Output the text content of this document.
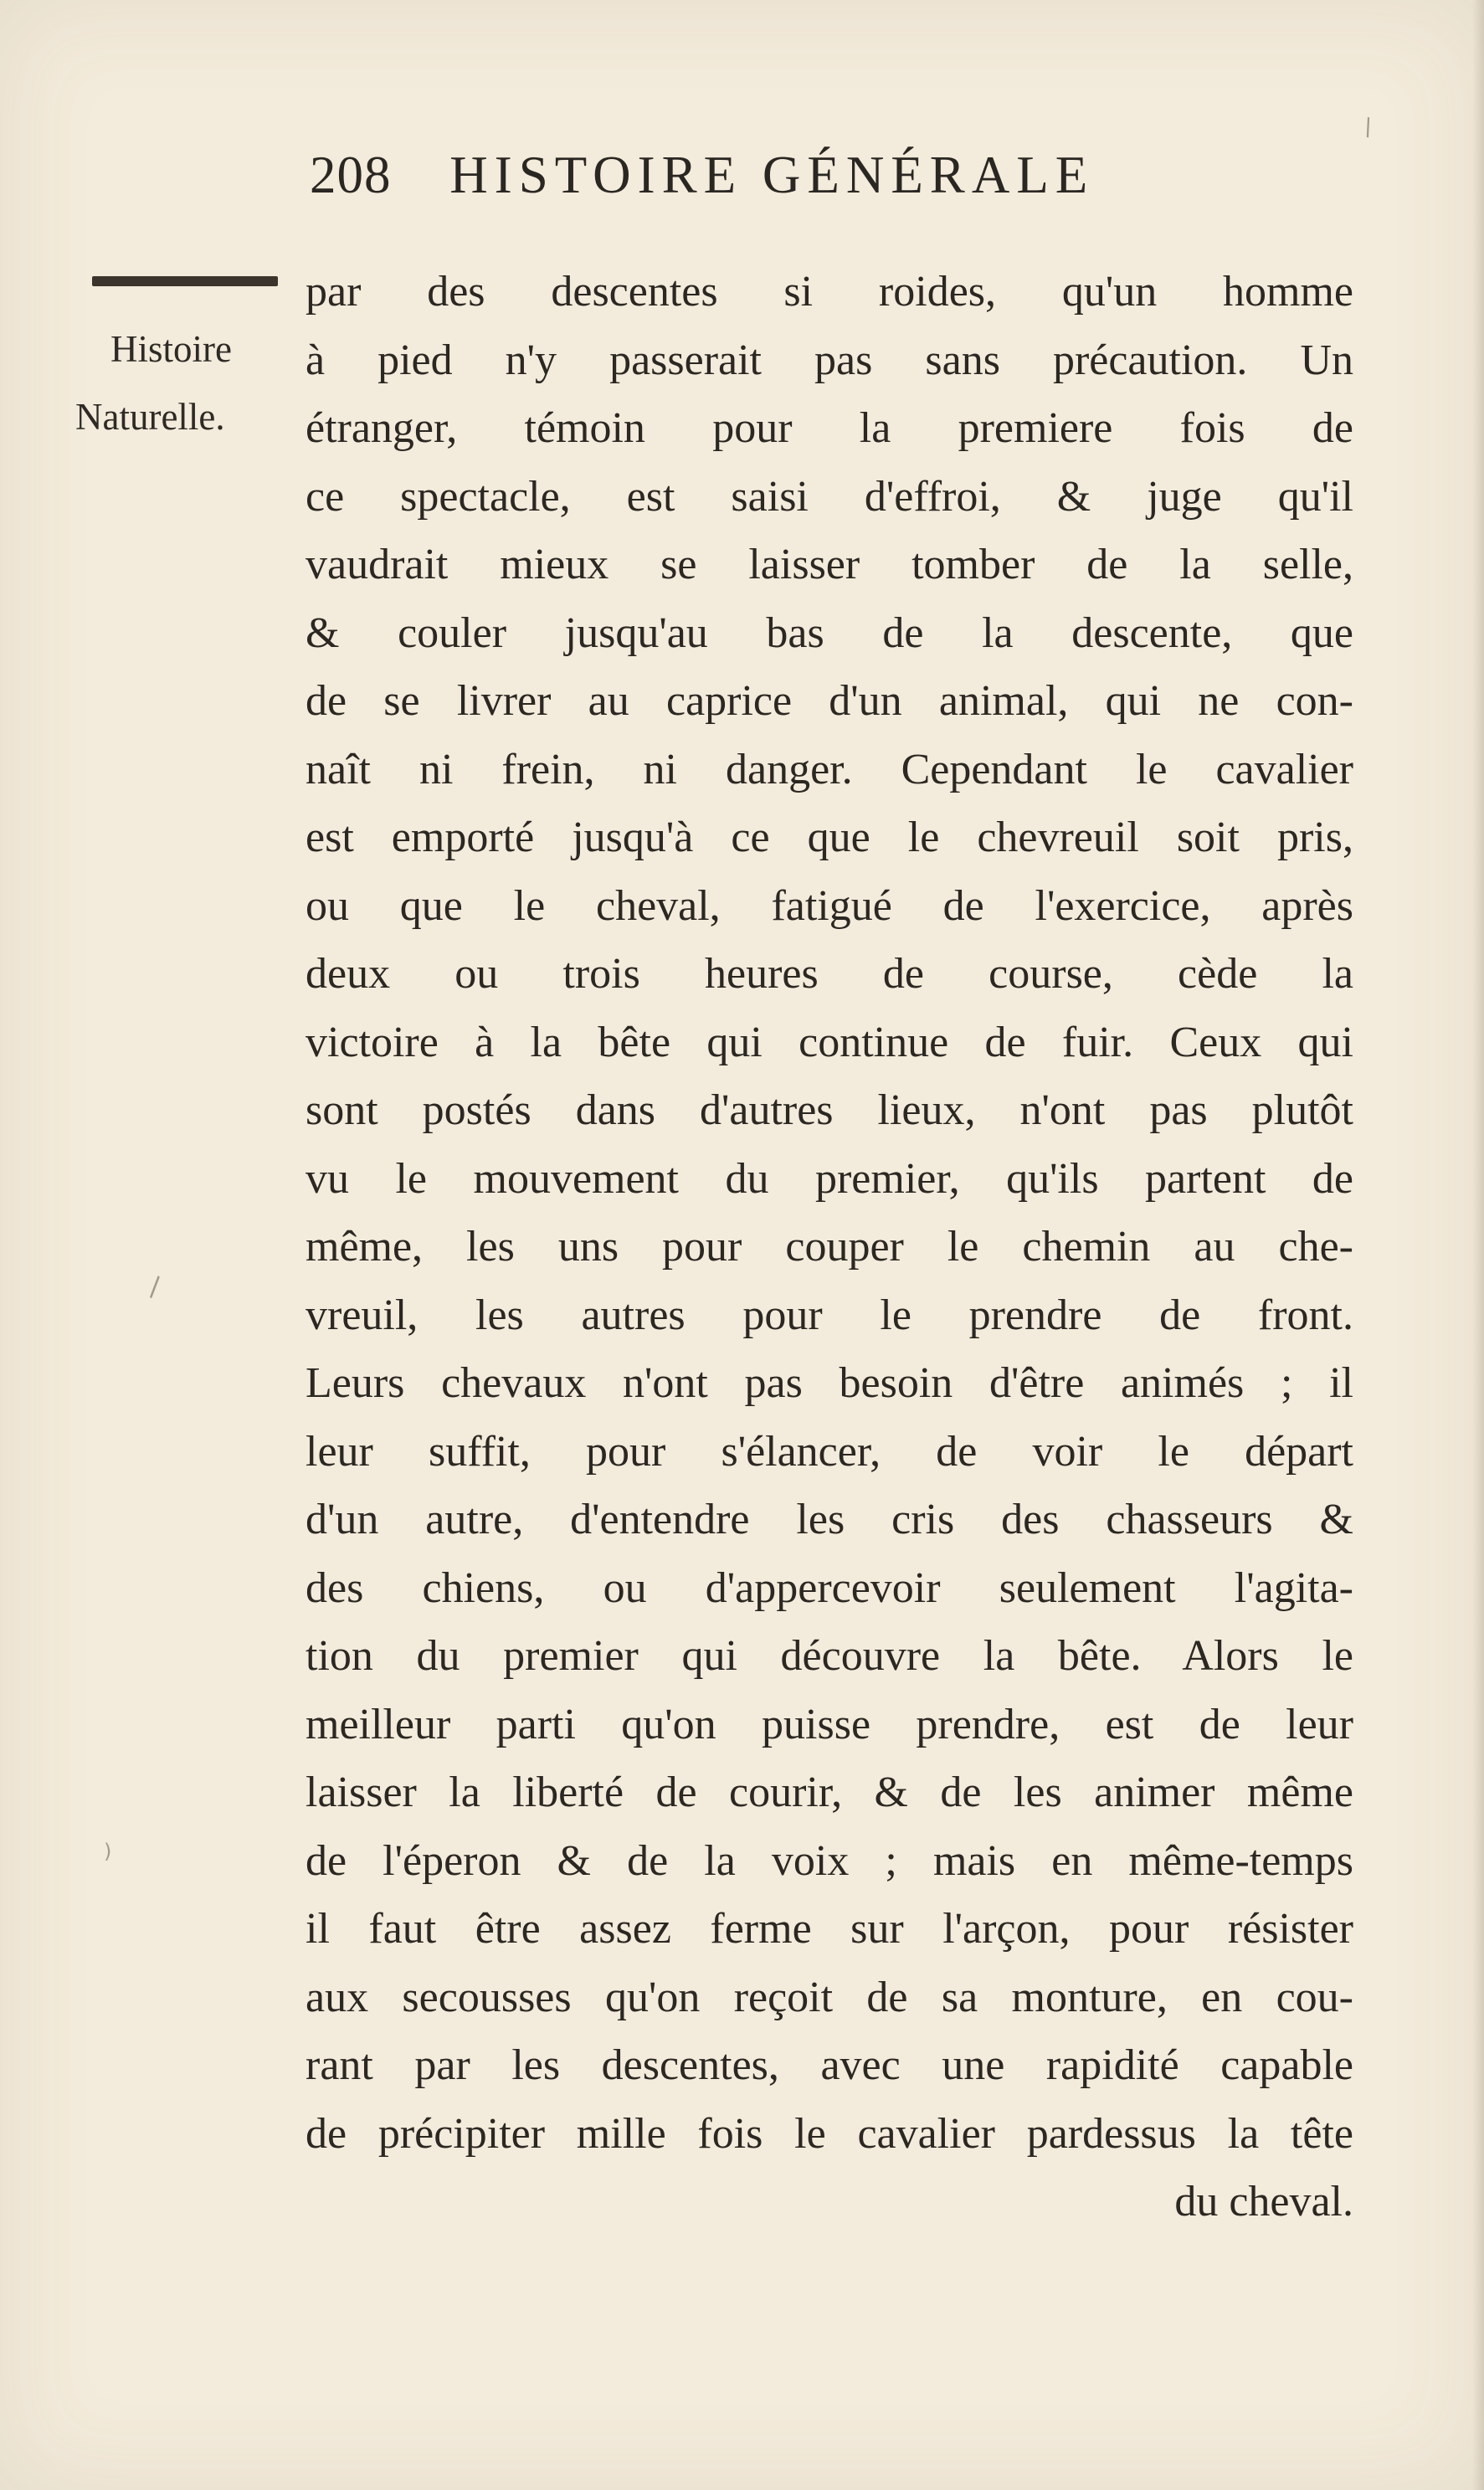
208 HISTOIRE GÉNÉRALE
Histoire
Naturelle.
par des descentes si roides, qu'un homme
à pied n'y passerait pas sans précaution. Un
étranger, témoin pour la premiere fois de
ce spectacle, est saisi d'effroi, & juge qu'il
vaudrait mieux se laisser tomber de la selle,
& couler jusqu'au bas de la descente, que
de se livrer au caprice d'un animal, qui ne con-
naît ni frein, ni danger. Cependant le cavalier
est emporté jusqu'à ce que le chevreuil soit pris,
ou que le cheval, fatigué de l'exercice, après
deux ou trois heures de course, cède la
victoire à la bête qui continue de fuir. Ceux qui
sont postés dans d'autres lieux, n'ont pas plutôt
vu le mouvement du premier, qu'ils partent de
même, les uns pour couper le chemin au che-
vreuil, les autres pour le prendre de front.
Leurs chevaux n'ont pas besoin d'être animés ; il
leur suffit, pour s'élancer, de voir le départ
d'un autre, d'entendre les cris des chasseurs &
des chiens, ou d'appercevoir seulement l'agita-
tion du premier qui découvre la bête. Alors le
meilleur parti qu'on puisse prendre, est de leur
laisser la liberté de courir, & de les animer même
de l'éperon & de la voix ; mais en même-temps
il faut être assez ferme sur l'arçon, pour résister
aux secousses qu'on reçoit de sa monture, en cou-
rant par les descentes, avec une rapidité capable
de précipiter mille fois le cavalier pardessus la tête
du cheval.
\
)
\
